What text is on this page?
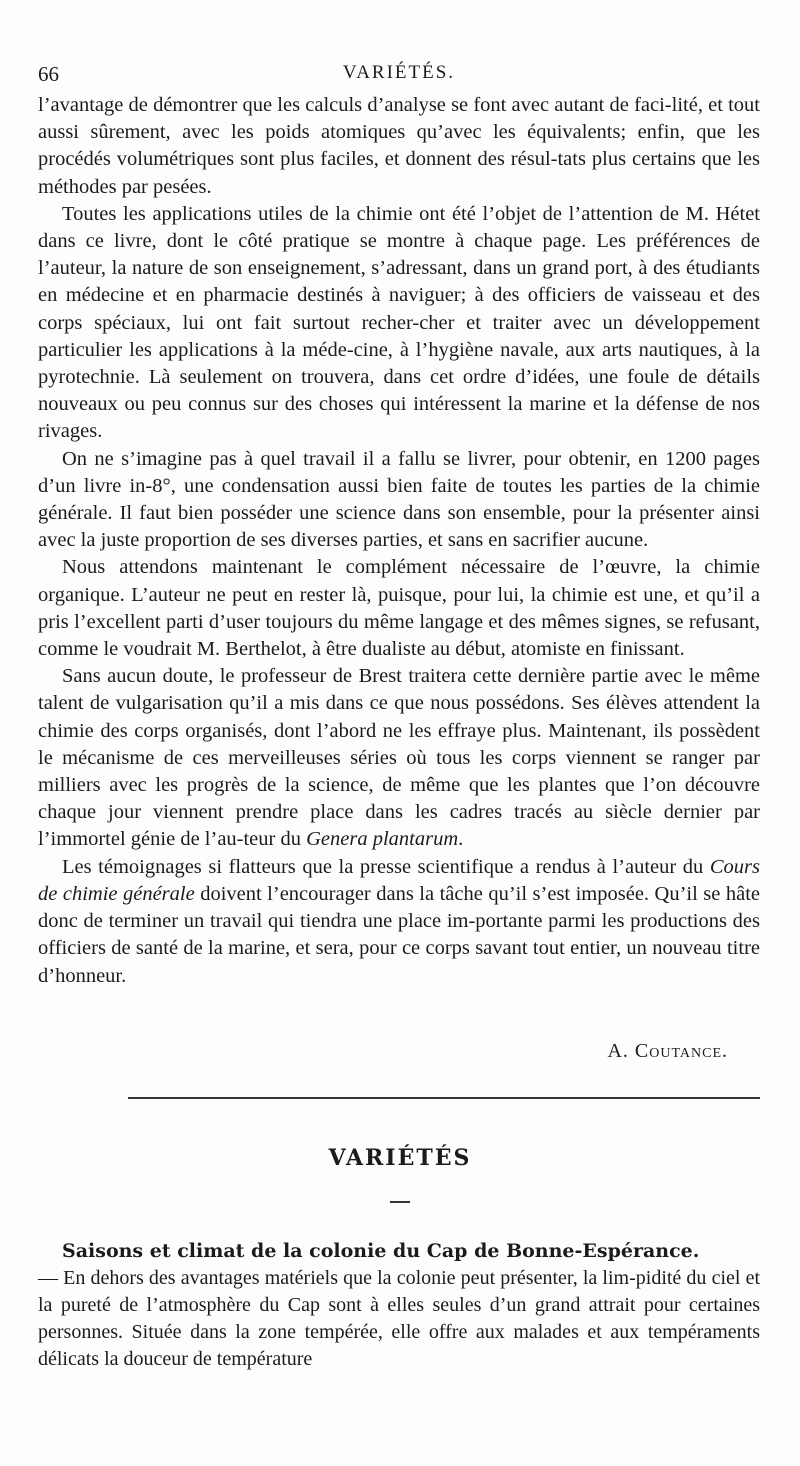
66	VARIÉTÉS.

l’avantage de démontrer que les calculs d’analyse se font avec autant de faci-lité, et tout aussi sûrement, avec les poids atomiques qu’avec les équivalents; enfin, que les procédés volumétriques sont plus faciles, et donnent des résul-tats plus certains que les méthodes par pesées.

Toutes les applications utiles de la chimie ont été l’objet de l’attention de M. Hétet dans ce livre, dont le côté pratique se montre à chaque page. Les préférences de l’auteur, la nature de son enseignement, s’adressant, dans un grand port, à des étudiants en médecine et en pharmacie destinés à naviguer; à des officiers de vaisseau et des corps spéciaux, lui ont fait surtout recher-cher et traiter avec un développement particulier les applications à la méde-cine, à l’hygiène navale, aux arts nautiques, à la pyrotechnie. Là seulement on trouvera, dans cet ordre d’idées, une foule de détails nouveaux ou peu connus sur des choses qui intéressent la marine et la défense de nos rivages.

On ne s’imagine pas à quel travail il a fallu se livrer, pour obtenir, en 1200 pages d’un livre in-8°, une condensation aussi bien faite de toutes les parties de la chimie générale. Il faut bien posséder une science dans son ensemble, pour la présenter ainsi avec la juste proportion de ses diverses parties, et sans en sacrifier aucune.

Nous attendons maintenant le complément nécessaire de l’œuvre, la chimie organique. L’auteur ne peut en rester là, puisque, pour lui, la chimie est une, et qu’il a pris l’excellent parti d’user toujours du même langage et des mêmes signes, se refusant, comme le voudrait M. Berthelot, à être dualiste au début, atomiste en finissant.

Sans aucun doute, le professeur de Brest traitera cette dernière partie avec le même talent de vulgarisation qu’il a mis dans ce que nous possédons. Ses élèves attendent la chimie des corps organisés, dont l’abord ne les effraye plus. Maintenant, ils possèdent le mécanisme de ces merveilleuses séries où tous les corps viennent se ranger par milliers avec les progrès de la science, de même que les plantes que l’on découvre chaque jour viennent prendre place dans les cadres tracés au siècle dernier par l’immortel génie de l’au-teur du Genera plantarum.

Les témoignages si flatteurs que la presse scientifique a rendus à l’auteur du Cours de chimie générale doivent l’encourager dans la tâche qu’il s’est imposée. Qu’il se hâte donc de terminer un travail qui tiendra une place im-portante parmi les productions des officiers de santé de la marine, et sera, pour ce corps savant tout entier, un nouveau titre d’honneur.

A. Coutance.
VARIÉTÉS

Saisons et climat de la colonie du Cap de Bonne-Espérance.

— En dehors des avantages matériels que la colonie peut présenter, la lim-pidité du ciel et la pureté de l’atmosphère du Cap sont à elles seules d’un grand attrait pour certaines personnes. Située dans la zone tempérée, elle offre aux malades et aux tempéraments délicats la douceur de température
